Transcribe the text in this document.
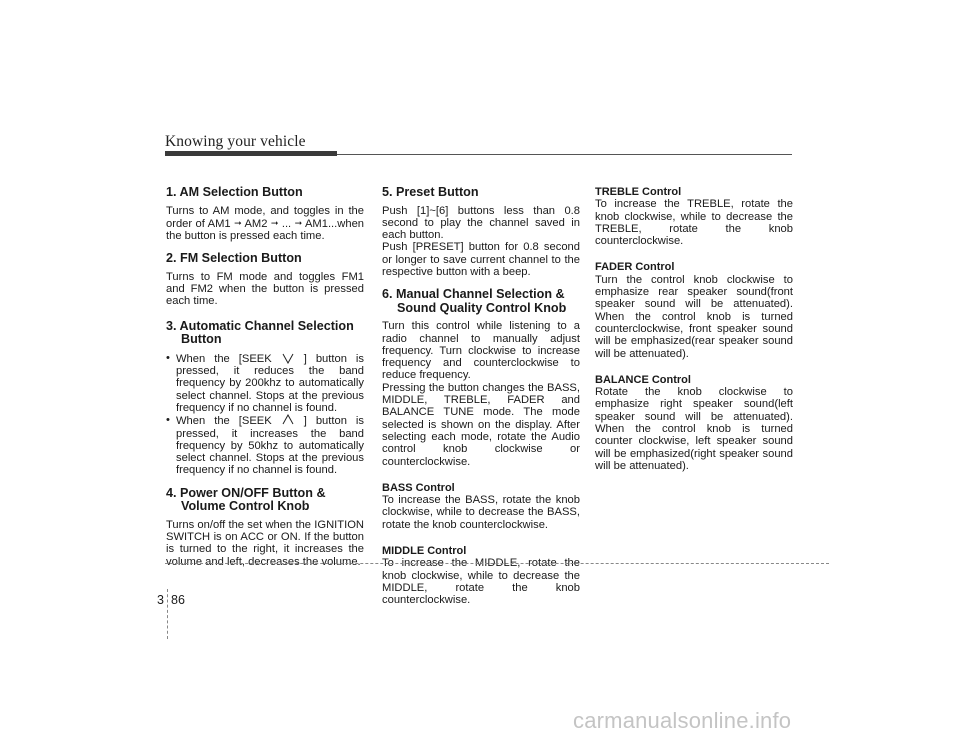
Knowing your vehicle

1. AM Selection Button

Turns to AM mode, and toggles in the order of AM1 ➞ AM2 ➞ ... ➞ AM1...when the button is pressed each time.

2. FM Selection Button

Turns to FM mode and toggles FM1 and FM2 when the button is pressed each time.

3. Automatic Channel Selection
Button

• When the [SEEK	] button is pressed, it reduces the band frequency by 200khz to automatically select channel. Stops at the previous frequency if no channel is found.
• When the [SEEK	] button is pressed, it increases the band frequency by 50khz to automatically select channel. Stops at the previous frequency if no channel is found.

4. Power ON/OFF Button &
Volume Control Knob

Turns on/off the set when the IGNITION SWITCH is on ACC or ON. If the button is turned to the right, it increases the volume and left, decreases the volume.

5. Preset Button

Push [1]~[6] buttons less than 0.8 second to play the channel saved in each button.

Push [PRESET] button for 0.8 second or longer to save current channel to the respective button with a beep.

6. Manual Channel Selection &
Sound Quality Control Knob

Turn this control while listening to a radio channel to manually adjust frequency. Turn clockwise to increase frequency and counterclockwise to reduce frequency.

Pressing the button changes the BASS, MIDDLE, TREBLE, FADER and BALANCE TUNE mode. The mode selected is shown on the display. After selecting each mode, rotate the Audio control knob clockwise or counterclockwise.

BASS Control

To increase the BASS, rotate the knob clockwise, while to decrease the BASS, rotate the knob counterclockwise.

MIDDLE Control

To increase the MIDDLE, rotate the knob clockwise, while to decrease the MIDDLE, rotate the knob counterclockwise.

TREBLE Control

To increase the TREBLE, rotate the knob clockwise, while to decrease the TREBLE, rotate the knob counterclockwise.

FADER Control

Turn the control knob clockwise to emphasize rear speaker sound(front speaker sound will be attenuated). When the control knob is turned counterclockwise, front speaker sound will be emphasized(rear speaker sound will be attenuated).

BALANCE Control

Rotate the knob clockwise to emphasize right speaker sound(left speaker sound will be attenuated). When the control knob is turned counter clockwise, left speaker sound will be emphasized(right speaker sound will be attenuated).

3 86
carmanualsonline.info
